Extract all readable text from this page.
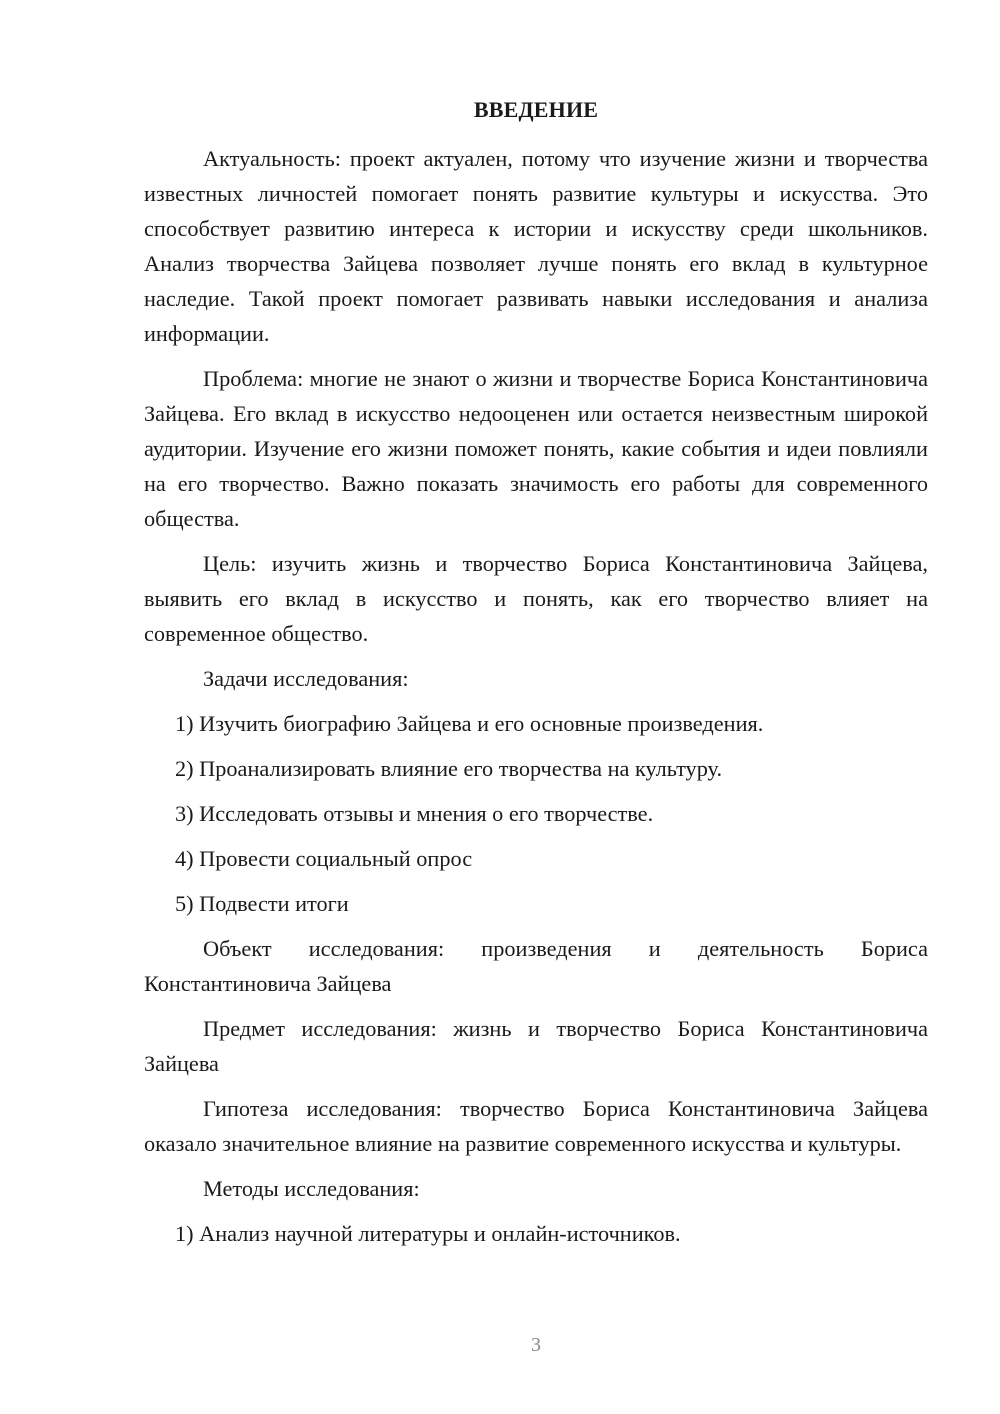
ВВЕДЕНИЕ

Актуальность: проект актуален, потому что изучение жизни и творчества известных личностей помогает понять развитие культуры и искусства. Это способствует развитию интереса к истории и искусству среди школьников. Анализ творчества Зайцева позволяет лучше понять его вклад в культурное наследие. Такой проект помогает развивать навыки исследования и анализа информации.

Проблема: многие не знают о жизни и творчестве Бориса Константиновича Зайцева. Его вклад в искусство недооценен или остается неизвестным широкой аудитории. Изучение его жизни поможет понять, какие события и идеи повлияли на его творчество. Важно показать значимость его работы для современного общества.

Цель: изучить жизнь и творчество Бориса Константиновича Зайцева, выявить его вклад в искусство и понять, как его творчество влияет на современное общество.

Задачи исследования:

1) Изучить биографию Зайцева и его основные произведения.
2) Проанализировать влияние его творчества на культуру.
3) Исследовать отзывы и мнения о его творчестве.
4) Провести социальный опрос
5) Подвести итоги

Объект исследования: произведения и деятельность Бориса Константиновича Зайцева

Предмет исследования: жизнь и творчество Бориса Константиновича Зайцева

Гипотеза исследования: творчество Бориса Константиновича Зайцева оказало значительное влияние на развитие современного искусства и культуры.

Методы исследования:

1) Анализ научной литературы и онлайн-источников.
3
